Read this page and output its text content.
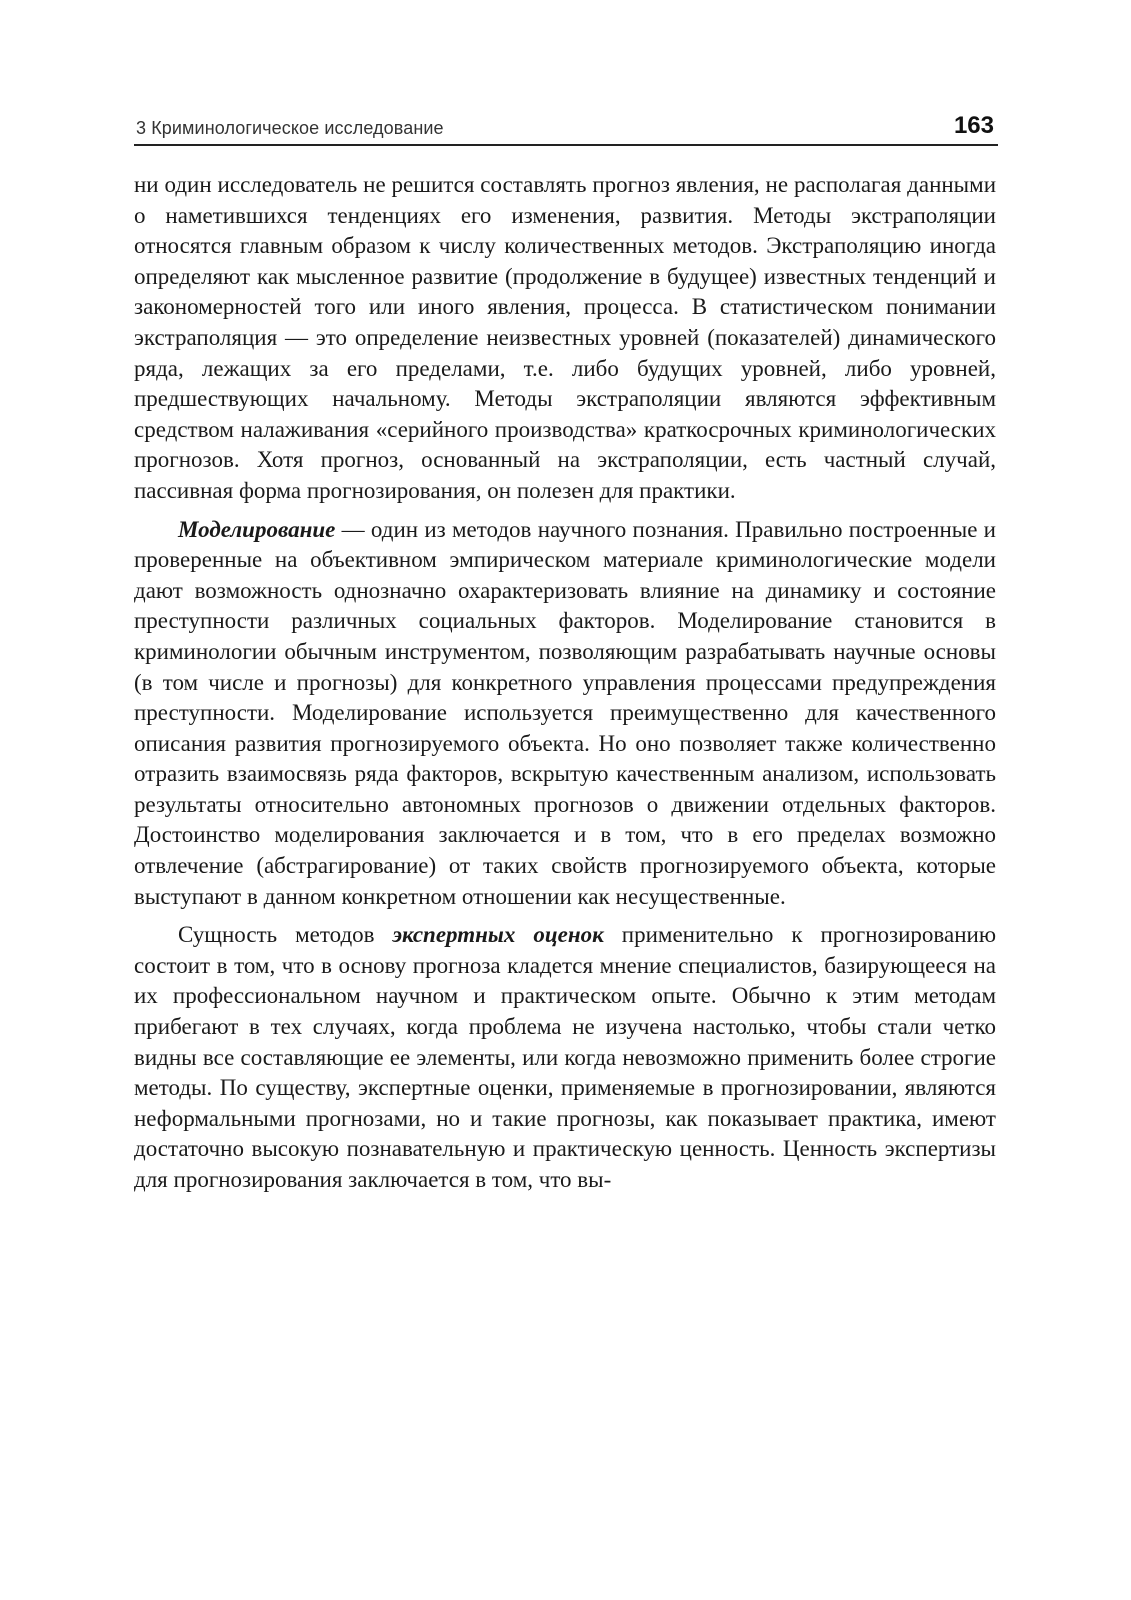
3 Криминологическое исследование	163

ни один исследователь не решится составлять прогноз явления, не располагая данными о наметившихся тенденциях его изменения, развития. Методы экстраполяции относятся главным образом к числу количественных методов. Экстраполяцию иногда определяют как мысленное развитие (продолжение в будущее) известных тенденций и закономерностей того или иного явления, процесса. В статистическом понимании экстраполяция — это определение неизвестных уровней (показателей) динамического ряда, лежащих за его пределами, т.е. либо будущих уровней, либо уровней, предшествующих начальному. Методы экстраполяции являются эффективным средством налаживания «серийного производства» краткосрочных криминологических прогнозов. Хотя прогноз, основанный на экстраполяции, есть частный случай, пассивная форма прогнозирования, он полезен для практики.

Моделирование — один из методов научного познания. Правильно построенные и проверенные на объективном эмпирическом материале криминологические модели дают возможность однозначно охарактеризовать влияние на динамику и состояние преступности различных социальных факторов. Моделирование становится в криминологии обычным инструментом, позволяющим разрабатывать научные основы (в том числе и прогнозы) для конкретного управления процессами предупреждения преступности. Моделирование используется преимущественно для качественного описания развития прогнозируемого объекта. Но оно позволяет также количественно отразить взаимосвязь ряда факторов, вскрытую качественным анализом, использовать результаты относительно автономных прогнозов о движении отдельных факторов. Достоинство моделирования заключается и в том, что в его пределах возможно отвлечение (абстрагирование) от таких свойств прогнозируемого объекта, которые выступают в данном конкретном отношении как несущественные.

Сущность методов экспертных оценок применительно к прогнозированию состоит в том, что в основу прогноза кладется мнение специалистов, базирующееся на их профессиональном научном и практическом опыте. Обычно к этим методам прибегают в тех случаях, когда проблема не изучена настолько, чтобы стали четко видны все составляющие ее элементы, или когда невозможно применить более строгие методы. По существу, экспертные оценки, применяемые в прогнозировании, являются неформальными прогнозами, но и такие прогнозы, как показывает практика, имеют достаточно высокую познавательную и практическую ценность. Ценность экспертизы для прогнозирования заключается в том, что вы-
